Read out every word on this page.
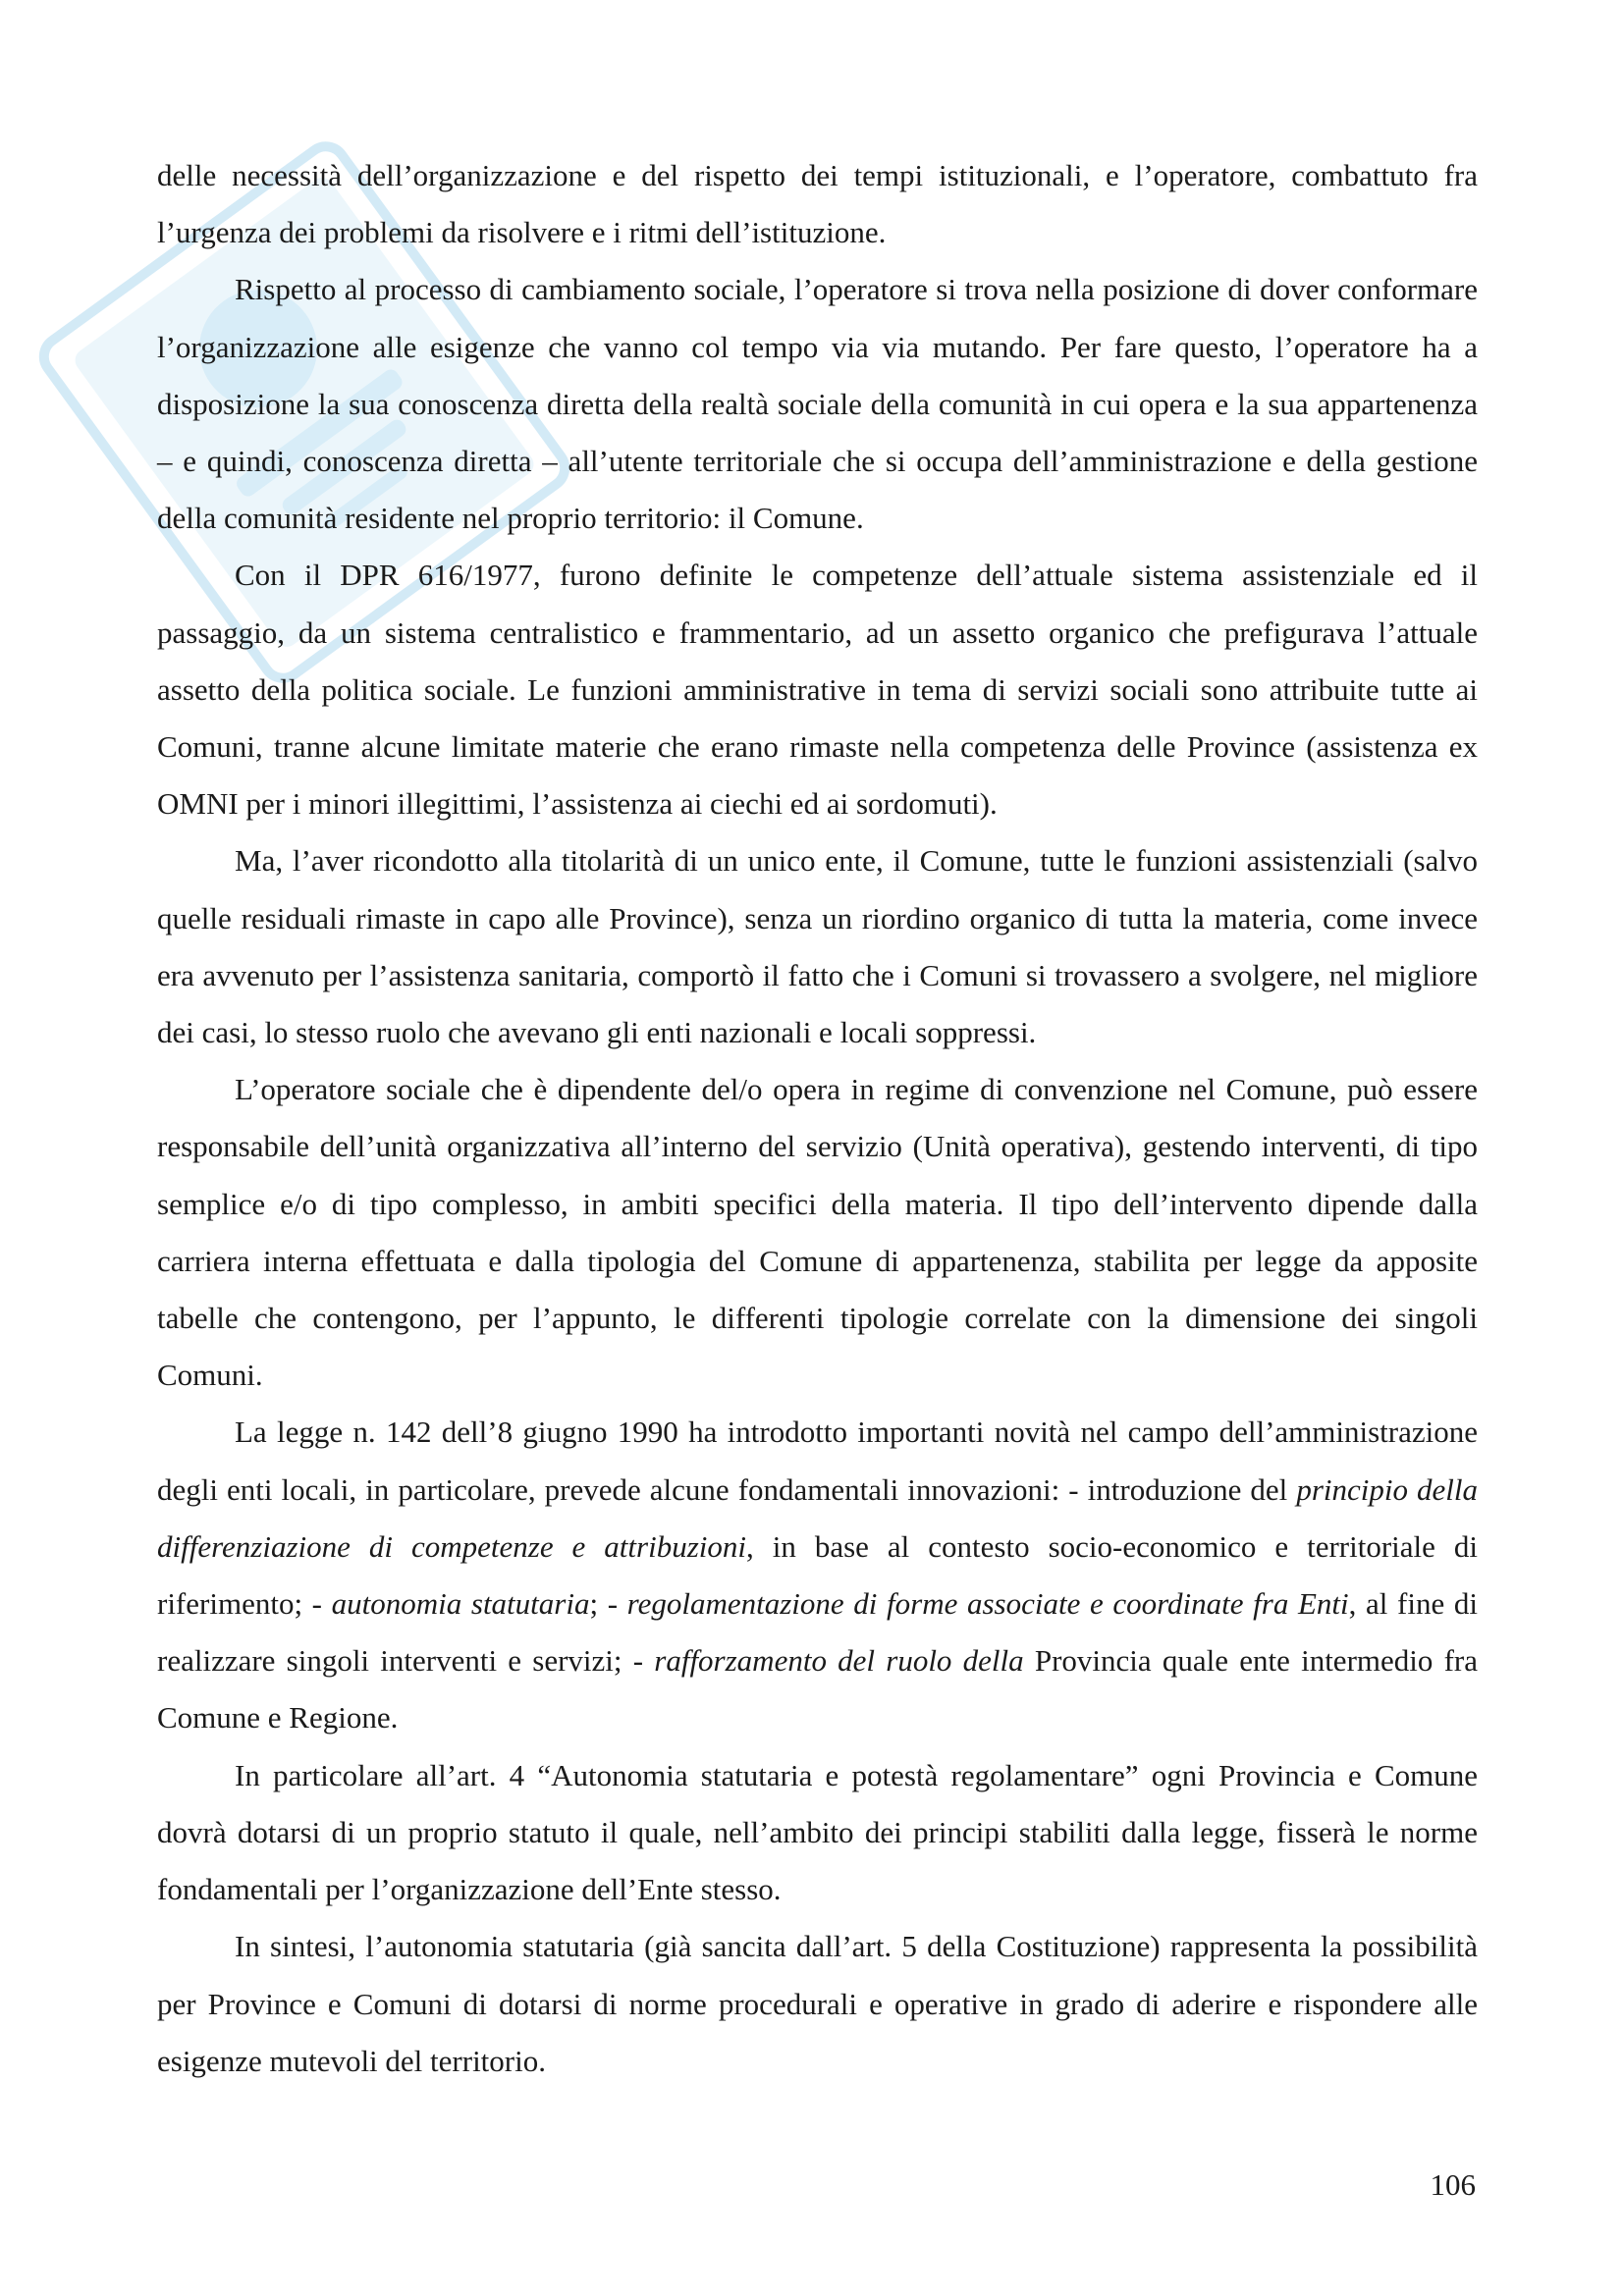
delle necessità dell’organizzazione e del rispetto dei tempi istituzionali, e l’operatore, combattuto fra l’urgenza dei problemi da risolvere e i ritmi dell’istituzione.

Rispetto al processo di cambiamento sociale, l’operatore si trova nella posizione di dover conformare l’organizzazione alle esigenze che vanno col tempo via via mutando. Per fare questo, l’operatore ha a disposizione la sua conoscenza diretta della realtà sociale della comunità in cui opera e la sua appartenenza – e quindi, conoscenza diretta – all’utente territoriale che si occupa dell’amministrazione e della gestione della comunità residente nel proprio territorio: il Comune.

Con il DPR 616/1977, furono definite le competenze dell’attuale sistema assistenziale ed il passaggio, da un sistema centralistico e frammentario, ad un assetto organico che prefigurava l’attuale assetto della politica sociale. Le funzioni amministrative in tema di servizi sociali sono attribuite tutte ai Comuni, tranne alcune limitate materie che erano rimaste nella competenza delle Province (assistenza ex OMNI per i minori illegittimi, l’assistenza ai ciechi ed ai sordomuti).

Ma, l’aver ricondotto alla titolarità di un unico ente, il Comune, tutte le funzioni assistenziali (salvo quelle residuali rimaste in capo alle Province), senza un riordino organico di tutta la materia, come invece era avvenuto per l’assistenza sanitaria, comportò il fatto che i Comuni si trovassero a svolgere, nel migliore dei casi, lo stesso ruolo che avevano gli enti nazionali e locali soppressi.

L’operatore sociale che è dipendente del/o opera in regime di convenzione nel Comune, può essere responsabile dell’unità organizzativa all’interno del servizio (Unità operativa), gestendo interventi, di tipo semplice e/o di tipo complesso, in ambiti specifici della materia. Il tipo dell’intervento dipende dalla carriera interna effettuata e dalla tipologia del Comune di appartenenza, stabilita per legge da apposite tabelle che contengono, per l’appunto, le differenti tipologie correlate con la dimensione dei singoli Comuni.

La legge n. 142 dell’8 giugno 1990 ha introdotto importanti novità nel campo dell’amministrazione degli enti locali, in particolare, prevede alcune fondamentali innovazioni: - introduzione del principio della differenziazione di competenze e attribuzioni, in base al contesto socio-economico e territoriale di riferimento; - autonomia statutaria; - regolamentazione di forme associate e coordinate fra Enti, al fine di realizzare singoli interventi e servizi; - rafforzamento del ruolo della Provincia quale ente intermedio fra Comune e Regione.

In particolare all’art. 4 “Autonomia statutaria e potestà regolamentare” ogni Provincia e Comune dovrà dotarsi di un proprio statuto il quale, nell’ambito dei principi stabiliti dalla legge, fisserà le norme fondamentali per l’organizzazione dell’Ente stesso.

In sintesi, l’autonomia statutaria (già sancita dall’art. 5 della Costituzione) rappresenta la possibilità per Province e Comuni di dotarsi di norme procedurali e operative in grado di aderire e rispondere alle esigenze mutevoli del territorio.

106
